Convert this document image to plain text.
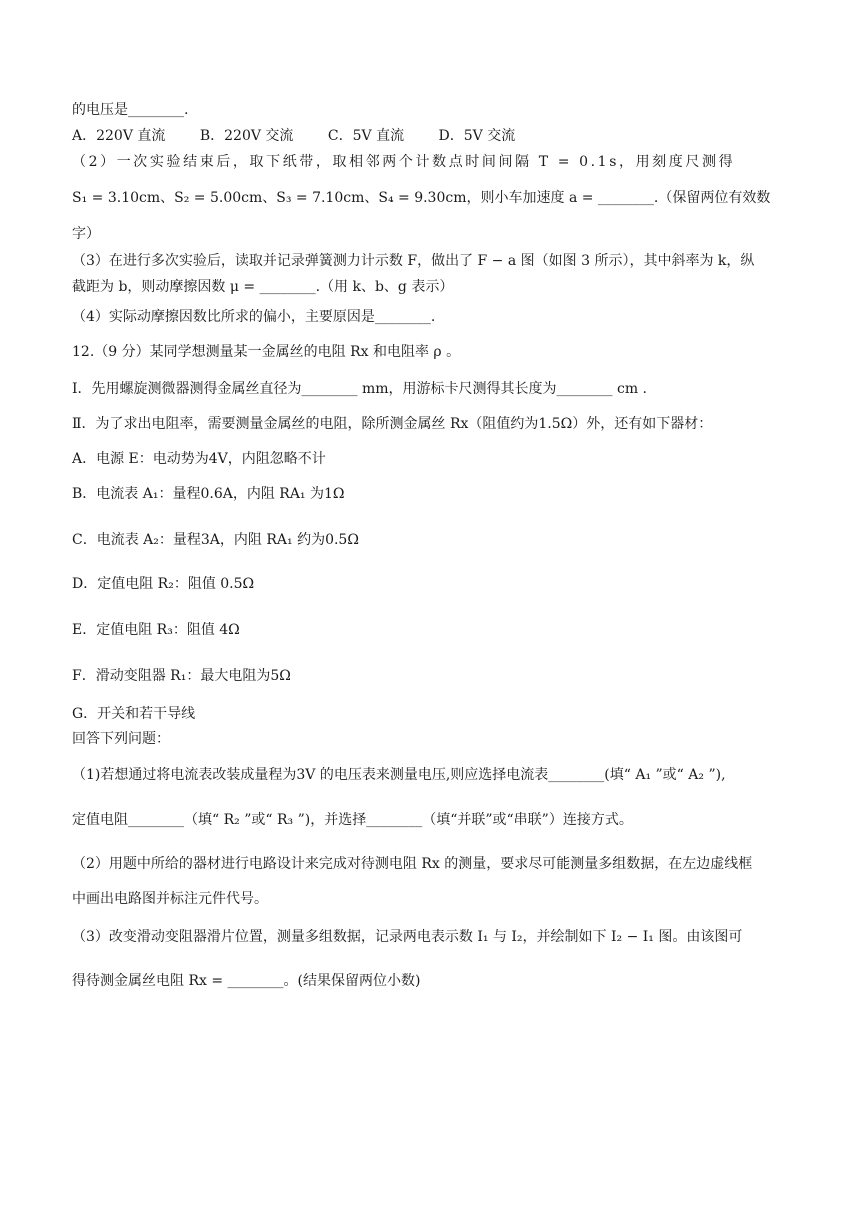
的电压是________.
A．220V 直流 B．220V 交流 C．5V 直流 D．5V 交流
（2）一次实验结束后，取下纸带，取相邻两个计数点时间间隔 T = 0.1s，用刻度尺测得
S₁ = 3.10cm、S₂ = 5.00cm、S₃ = 7.10cm、S₄ = 9.30cm，则小车加速度 a = ________.（保留两位有效数
字）
（3）在进行多次实验后，读取并记录弹簧测力计示数 F，做出了 F − a 图（如图 3 所示），其中斜率为 k，纵
截距为 b，则动摩擦因数 μ = ________.（用 k、b、g 表示）
（4）实际动摩擦因数比所求的偏小，主要原因是________.
12.（9 分）某同学想测量某一金属丝的电阻 Rx 和电阻率 ρ 。
Ⅰ．先用螺旋测微器测得金属丝直径为________ mm，用游标卡尺测得其长度为________ cm .
Ⅱ．为了求出电阻率，需要测量金属丝的电阻，除所测金属丝 Rx（阻值约为1.5Ω）外，还有如下器材：
A．电源 E：电动势为4V，内阻忽略不计
B．电流表 A₁：量程0.6A，内阻 RA₁ 为1Ω
C．电流表 A₂：量程3A，内阻 RA₁ 约为0.5Ω
D．定值电阻 R₂：阻值 0.5Ω
E．定值电阻 R₃：阻值 4Ω
F．滑动变阻器 R₁：最大电阻为5Ω
G．开关和若干导线
回答下列问题：
（1)若想通过将电流表改装成量程为3V 的电压表来测量电压,则应选择电流表________(填“ A₁ ”或“ A₂ ”),
定值电阻________（填“ R₂ ”或“ R₃ ”)，并选择________（填“并联”或“串联”）连接方式。
（2）用题中所给的器材进行电路设计来完成对待测电阻 Rx 的测量，要求尽可能测量多组数据，在左边虚线框
中画出电路图并标注元件代号。
（3）改变滑动变阻器滑片位置，测量多组数据，记录两电表示数 I₁ 与 I₂，并绘制如下 I₂ − I₁ 图。由该图可
得待测金属丝电阻 Rx = ________。(结果保留两位小数)
